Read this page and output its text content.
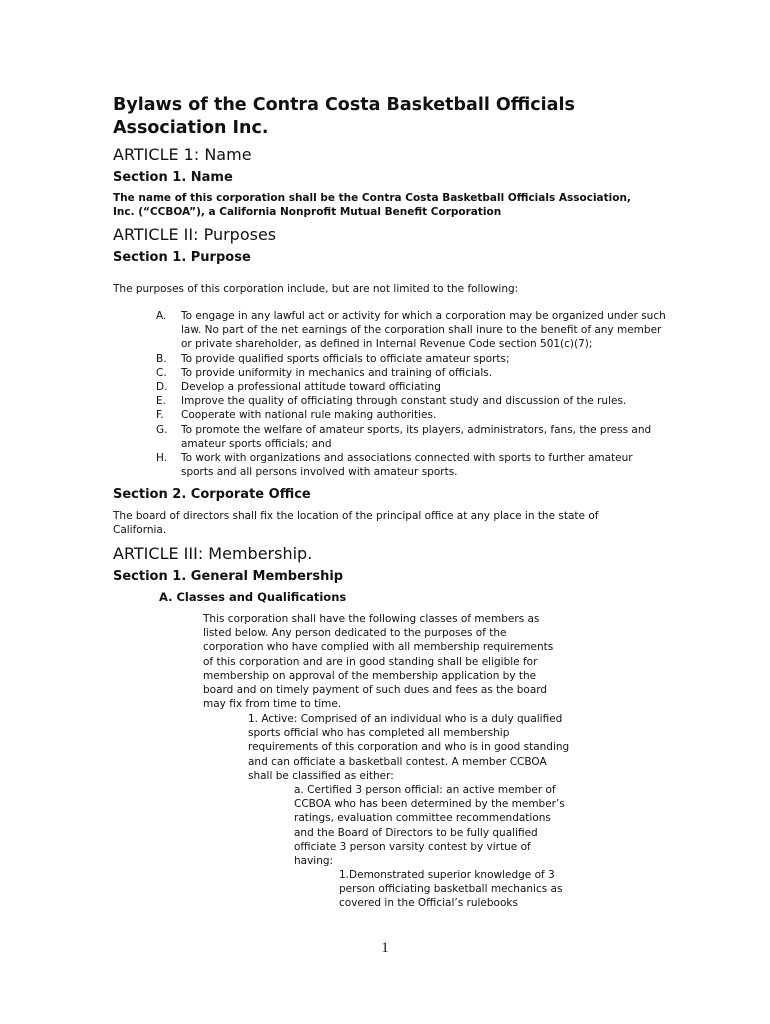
Bylaws of the Contra Costa Basketball Officials Association Inc.
ARTICLE 1: Name
Section 1. Name
The name of this corporation shall be the Contra Costa Basketball Officials Association, Inc. (“CCBOA”), a California Nonprofit Mutual Benefit Corporation
ARTICLE II: Purposes
Section 1. Purpose
The purposes of this corporation include, but are not limited to the following:
A. To engage in any lawful act or activity for which a corporation may be organized under such law. No part of the net earnings of the corporation shall inure to the benefit of any member or private shareholder, as defined in Internal Revenue Code section 501(c)(7);
B. To provide qualified sports officials to officiate amateur sports;
C. To provide uniformity in mechanics and training of officials.
D. Develop a professional attitude toward officiating
E. Improve the quality of officiating through constant study and discussion of the rules.
F. Cooperate with national rule making authorities.
G. To promote the welfare of amateur sports, its players, administrators, fans, the press and amateur sports officials; and
H. To work with organizations and associations connected with sports to further amateur sports and all persons involved with amateur sports.
Section 2. Corporate Office
The board of directors shall fix the location of the principal office at any place in the state of California.
ARTICLE III: Membership.
Section 1. General Membership
A. Classes and Qualifications
This corporation shall have the following classes of members as listed below. Any person dedicated to the purposes of the corporation who have complied with all membership requirements of this corporation and are in good standing shall be eligible for membership on approval of the membership application by the board and on timely payment of such dues and fees as the board may fix from time to time.
1. Active: Comprised of an individual who is a duly qualified sports official who has completed all membership requirements of this corporation and who is in good standing and can officiate a basketball contest. A member CCBOA shall be classified as either:
a. Certified 3 person official: an active member of CCBOA who has been determined by the member’s ratings, evaluation committee recommendations and the Board of Directors to be fully qualified officiate 3 person varsity contest by virtue of having:
1.Demonstrated superior knowledge of 3 person officiating basketball mechanics as covered in the Official’s rulebooks
1
